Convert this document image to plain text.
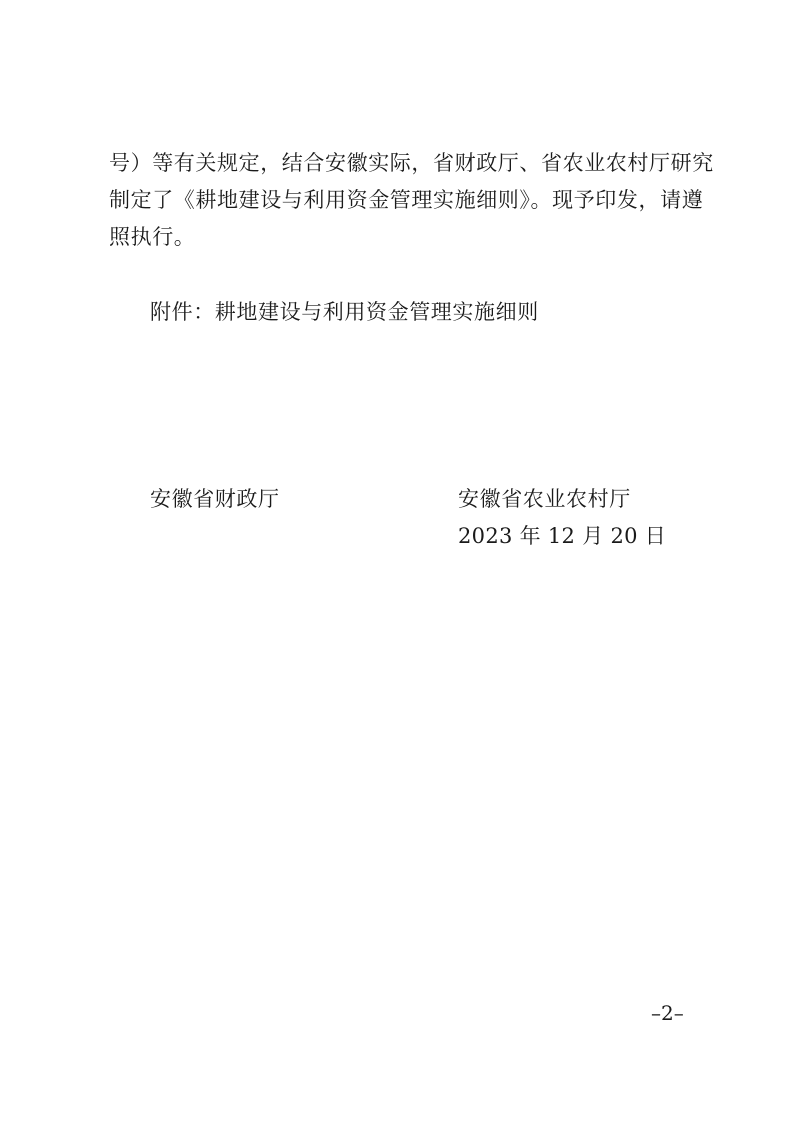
号）等有关规定，结合安徽实际，省财政厅、省农业农村厅研究
制定了《耕地建设与利用资金管理实施细则》。现予印发，请遵
照执行。
附件：耕地建设与利用资金管理实施细则
安徽省财政厅	安徽省农业农村厅
2023 年 12 月 20 日
–2–
